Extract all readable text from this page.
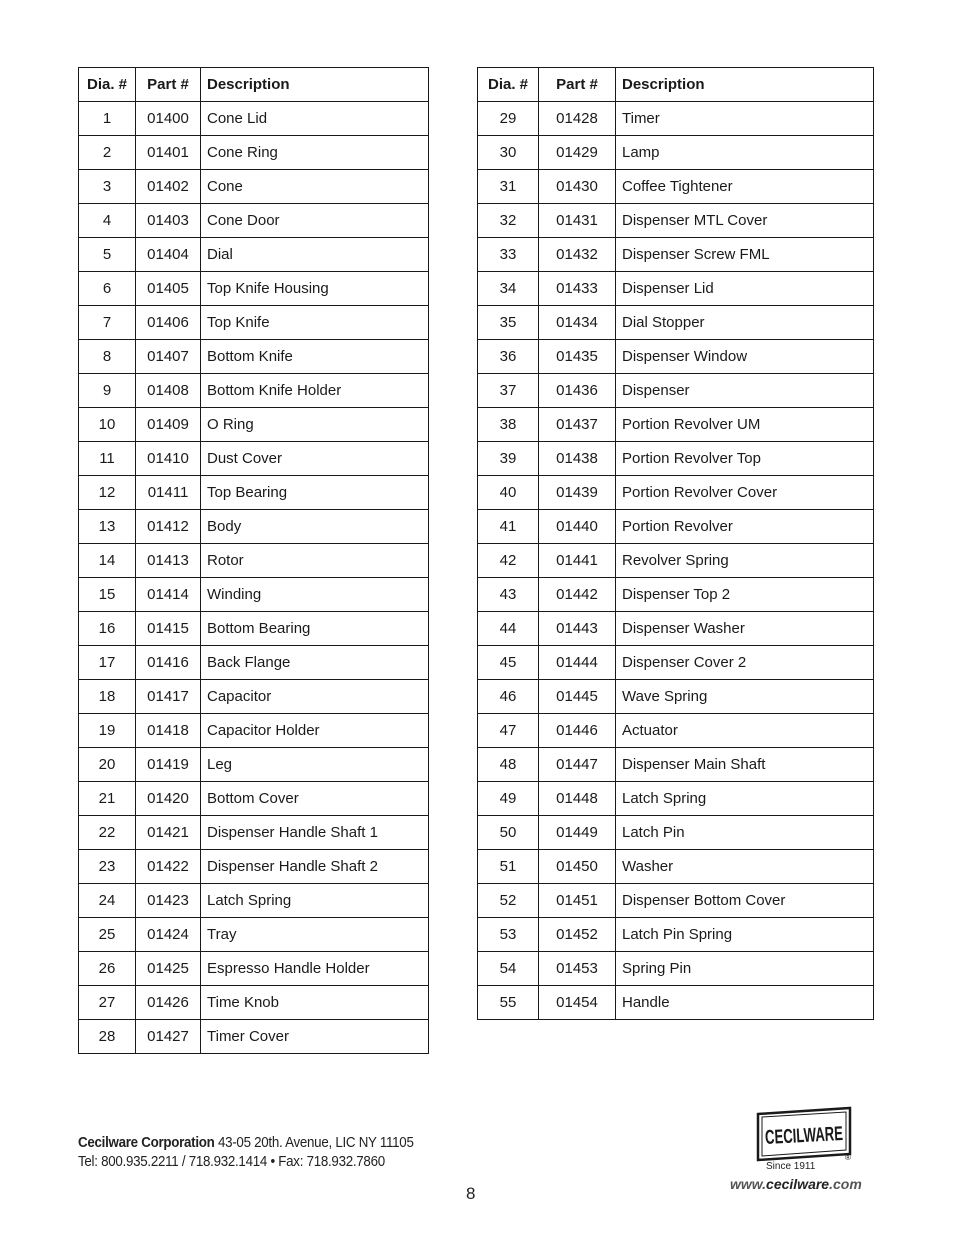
Dia. #	Part #	Description
1	01400	Cone Lid
2	01401	Cone Ring
3	01402	Cone
4	01403	Cone Door
5	01404	Dial
6	01405	Top Knife Housing
7	01406	Top Knife
8	01407	Bottom Knife
9	01408	Bottom Knife Holder
10	01409	O Ring
11	01410	Dust Cover
12	01411	Top Bearing
13	01412	Body
14	01413	Rotor
15	01414	Winding
16	01415	Bottom Bearing
17	01416	Back Flange
18	01417	Capacitor
19	01418	Capacitor Holder
20	01419	Leg
21	01420	Bottom Cover
22	01421	Dispenser Handle Shaft 1
23	01422	Dispenser Handle Shaft 2
24	01423	Latch Spring
25	01424	Tray
26	01425	Espresso Handle Holder
27	01426	Time Knob
28	01427	Timer Cover
Dia. #	Part #	Description
29	01428	Timer
30	01429	Lamp
31	01430	Coffee Tightener
32	01431	Dispenser MTL Cover
33	01432	Dispenser Screw FML
34	01433	Dispenser Lid
35	01434	Dial Stopper
36	01435	Dispenser Window
37	01436	Dispenser
38	01437	Portion Revolver UM
39	01438	Portion Revolver Top
40	01439	Portion Revolver Cover
41	01440	Portion Revolver
42	01441	Revolver Spring
43	01442	Dispenser Top 2
44	01443	Dispenser Washer
45	01444	Dispenser Cover 2
46	01445	Wave Spring
47	01446	Actuator
48	01447	Dispenser Main Shaft
49	01448	Latch Spring
50	01449	Latch Pin
51	01450	Washer
52	01451	Dispenser Bottom Cover
53	01452	Latch Pin Spring
54	01453	Spring Pin
55	01454	Handle
Cecilware Corporation 43-05 20th. Avenue, LIC NY 11105
Tel: 800.935.2211 / 718.932.1414 • Fax: 718.932.7860
8
CECILWARE
®
Since 1911
www.cecilware.com
